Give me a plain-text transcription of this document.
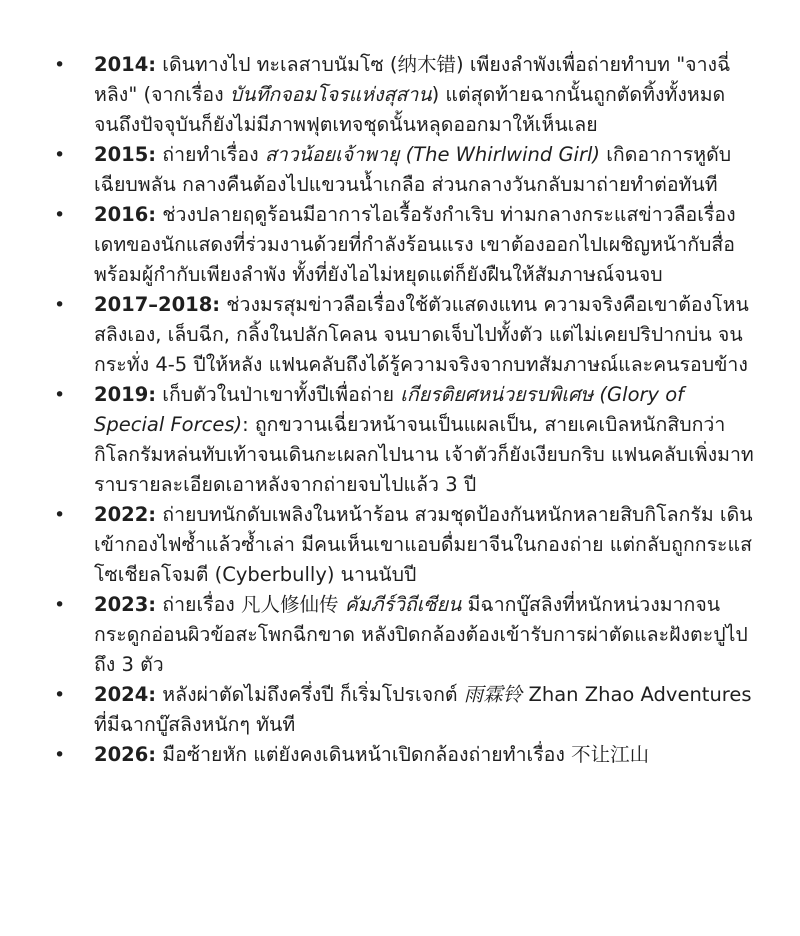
• 2014: เดินทางไป ทะเลสาบนัมโซ (纳木错) เพียงลำพังเพื่อถ่ายทำบท "จางฉี่หลิง" (จากเรื่อง บันทึกจอมโจรแห่งสุสาน) แต่สุดท้ายฉากนั้นถูกตัดทิ้งทั้งหมด จนถึงปัจจุบันก็ยังไม่มีภาพฟุตเทจชุดนั้นหลุดออกมาให้เห็นเลย
• 2015: ถ่ายทำเรื่อง สาวน้อยเจ้าพายุ (The Whirlwind Girl) เกิดอาการหูดับเฉียบพลัน กลางคืนต้องไปแขวนน้ำเกลือ ส่วนกลางวันกลับมาถ่ายทำต่อทันที
• 2016: ช่วงปลายฤดูร้อนมีอาการไอเรื้อรังกำเริบ ท่ามกลางกระแสข่าวลือเรื่องเดทของนักแสดงที่ร่วมงานด้วยที่กำลังร้อนแรง เขาต้องออกไปเผชิญหน้ากับสื่อพร้อมผู้กำกับเพียงลำพัง ทั้งที่ยังไอไม่หยุดแต่ก็ยังฝืนให้สัมภาษณ์จนจบ
• 2017–2018: ช่วงมรสุมข่าวลือเรื่องใช้ตัวแสดงแทน ความจริงคือเขาต้องโหนสลิงเอง, เล็บฉีก, กลิ้งในปลักโคลน จนบาดเจ็บไปทั้งตัว แต่ไม่เคยปริปากบ่น จนกระทั่ง 4-5 ปีให้หลัง แฟนคลับถึงได้รู้ความจริงจากบทสัมภาษณ์และคนรอบข้าง
• 2019: เก็บตัวในป่าเขาทั้งปีเพื่อถ่าย เกียรติยศหน่วยรบพิเศษ (Glory of Special Forces): ถูกขวานเฉี่ยวหน้าจนเป็นแผลเป็น, สายเคเบิลหนักสิบกว่ากิโลกรัมหล่นทับเท้าจนเดินกะเผลกไปนาน เจ้าตัวก็ยังเงียบกริบ แฟนคลับเพิ่งมาทราบรายละเอียดเอาหลังจากถ่ายจบไปแล้ว 3 ปี
• 2022: ถ่ายบทนักดับเพลิงในหน้าร้อน สวมชุดป้องกันหนักหลายสิบกิโลกรัม เดินเข้ากองไฟซ้ำแล้วซ้ำเล่า มีคนเห็นเขาแอบดื่มยาจีนในกองถ่าย แต่กลับถูกกระแสโซเชียลโจมตี (Cyberbully) นานนับปี
• 2023: ถ่ายเรื่อง 凡人修仙传 คัมภีร์วิถีเซียน มีฉากบู๊สลิงที่หนักหน่วงมากจนกระดูกอ่อนผิวข้อสะโพกฉีกขาด หลังปิดกล้องต้องเข้ารับการผ่าตัดและฝังตะปูไปถึง 3 ตัว
• 2024: หลังผ่าตัดไม่ถึงครึ่งปี ก็เริ่มโปรเจกต์ 雨霖铃 Zhan Zhao Adventures ที่มีฉากบู๊สลิงหนักๆ ทันที
• 2026: มือซ้ายหัก แต่ยังคงเดินหน้าเปิดกล้องถ่ายทำเรื่อง 不让江山
